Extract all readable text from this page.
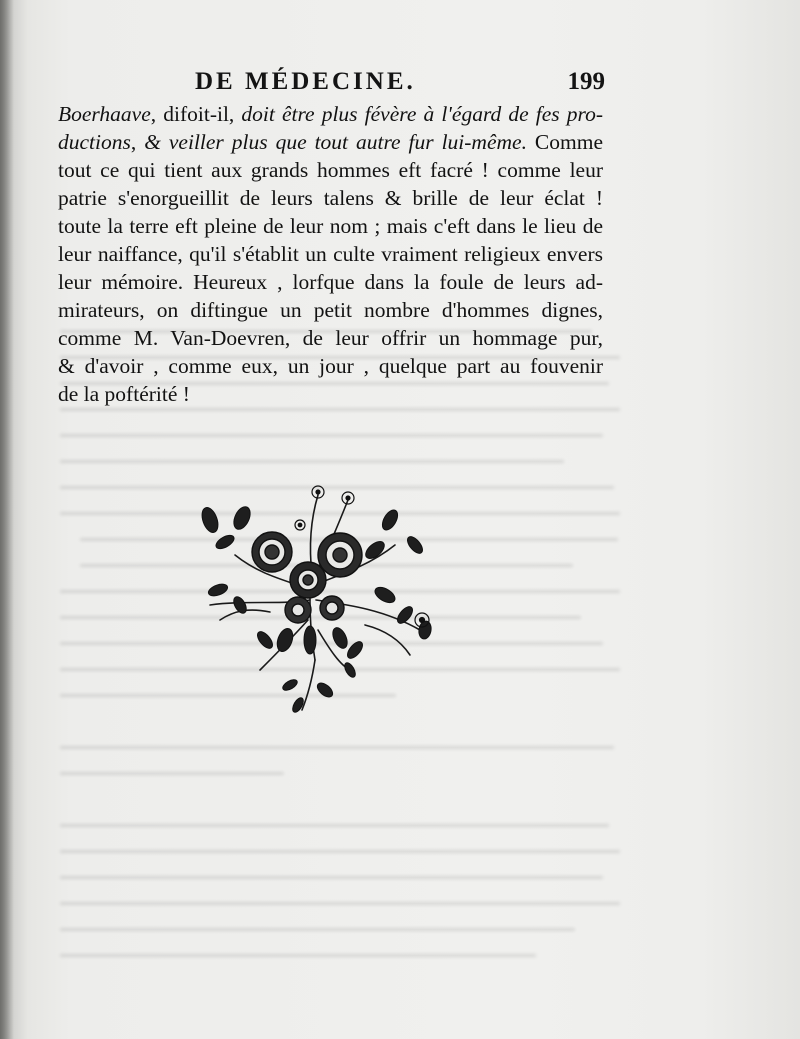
DE MÉDECINE.	199
Boerhaave, difoit-il, doit être plus févère à l'égard de fes pro-
ductions, & veiller plus que tout autre fur lui-même. Comme
tout ce qui tient aux grands hommes eft facré ! comme leur
patrie s'enorgueillit de leurs talens & brille de leur éclat !
toute la terre eft pleine de leur nom ; mais c'eft dans le lieu de
leur naiffance, qu'il s'établit un culte vraiment religieux envers
leur mémoire. Heureux , lorfque dans la foule de leurs ad-
mirateurs, on diftingue un petit nombre d'hommes dignes,
comme M. Van-Doevren, de leur offrir un hommage pur,
& d'avoir , comme eux, un jour , quelque part au fouvenir
de la poftérité !
